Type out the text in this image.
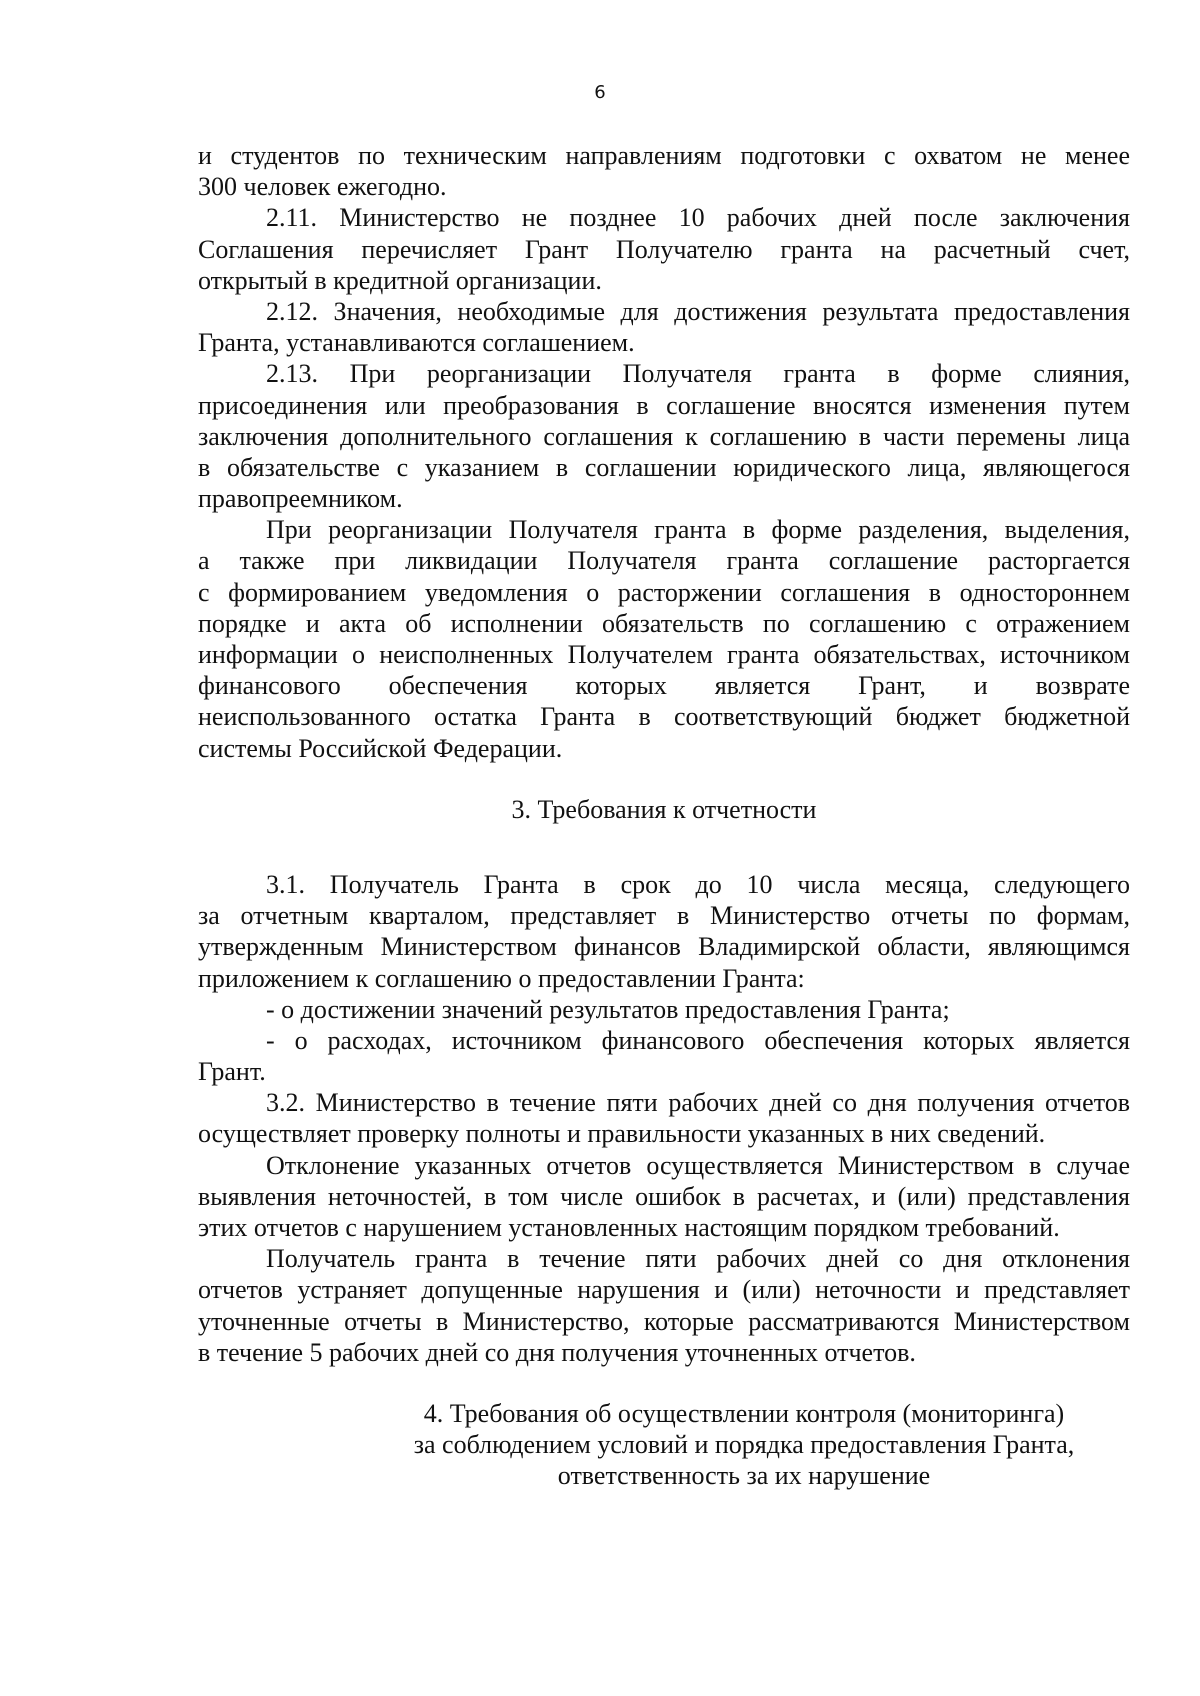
6
и студентов по техническим направлениям подготовки с охватом не менее
300 человек ежегодно.
2.11. Министерство не позднее 10 рабочих дней после заключения
Соглашения перечисляет Грант Получателю гранта на расчетный счет,
открытый в кредитной организации.
2.12. Значения, необходимые для достижения результата предоставления
Гранта, устанавливаются соглашением.
2.13. При реорганизации Получателя гранта в форме слияния,
присоединения или преобразования в соглашение вносятся изменения путем
заключения дополнительного соглашения к соглашению в части перемены лица
в обязательстве с указанием в соглашении юридического лица, являющегося
правопреемником.
При реорганизации Получателя гранта в форме разделения, выделения,
а также при ликвидации Получателя гранта соглашение расторгается
с формированием уведомления о расторжении соглашения в одностороннем
порядке и акта об исполнении обязательств по соглашению с отражением
информации о неисполненных Получателем гранта обязательствах, источником
финансового обеспечения которых является Грант, и возврате
неиспользованного остатка Гранта в соответствующий бюджет бюджетной
системы Российской Федерации.
3. Требования к отчетности
3.1. Получатель Гранта в срок до 10 числа месяца, следующего
за отчетным кварталом, представляет в Министерство отчеты по формам,
утвержденным Министерством финансов Владимирской области, являющимся
приложением к соглашению о предоставлении Гранта:
- о достижении значений результатов предоставления Гранта;
- о расходах, источником финансового обеспечения которых является
Грант.
3.2. Министерство в течение пяти рабочих дней со дня получения отчетов
осуществляет проверку полноты и правильности указанных в них сведений.
Отклонение указанных отчетов осуществляется Министерством в случае
выявления неточностей, в том числе ошибок в расчетах, и (или) представления
этих отчетов с нарушением установленных настоящим порядком требований.
Получатель гранта в течение пяти рабочих дней со дня отклонения
отчетов устраняет допущенные нарушения и (или) неточности и представляет
уточненные отчеты в Министерство, которые рассматриваются Министерством
в течение 5 рабочих дней со дня получения уточненных отчетов.
4. Требования об осуществлении контроля (мониторинга)
за соблюдением условий и порядка предоставления Гранта,
ответственность за их нарушение
